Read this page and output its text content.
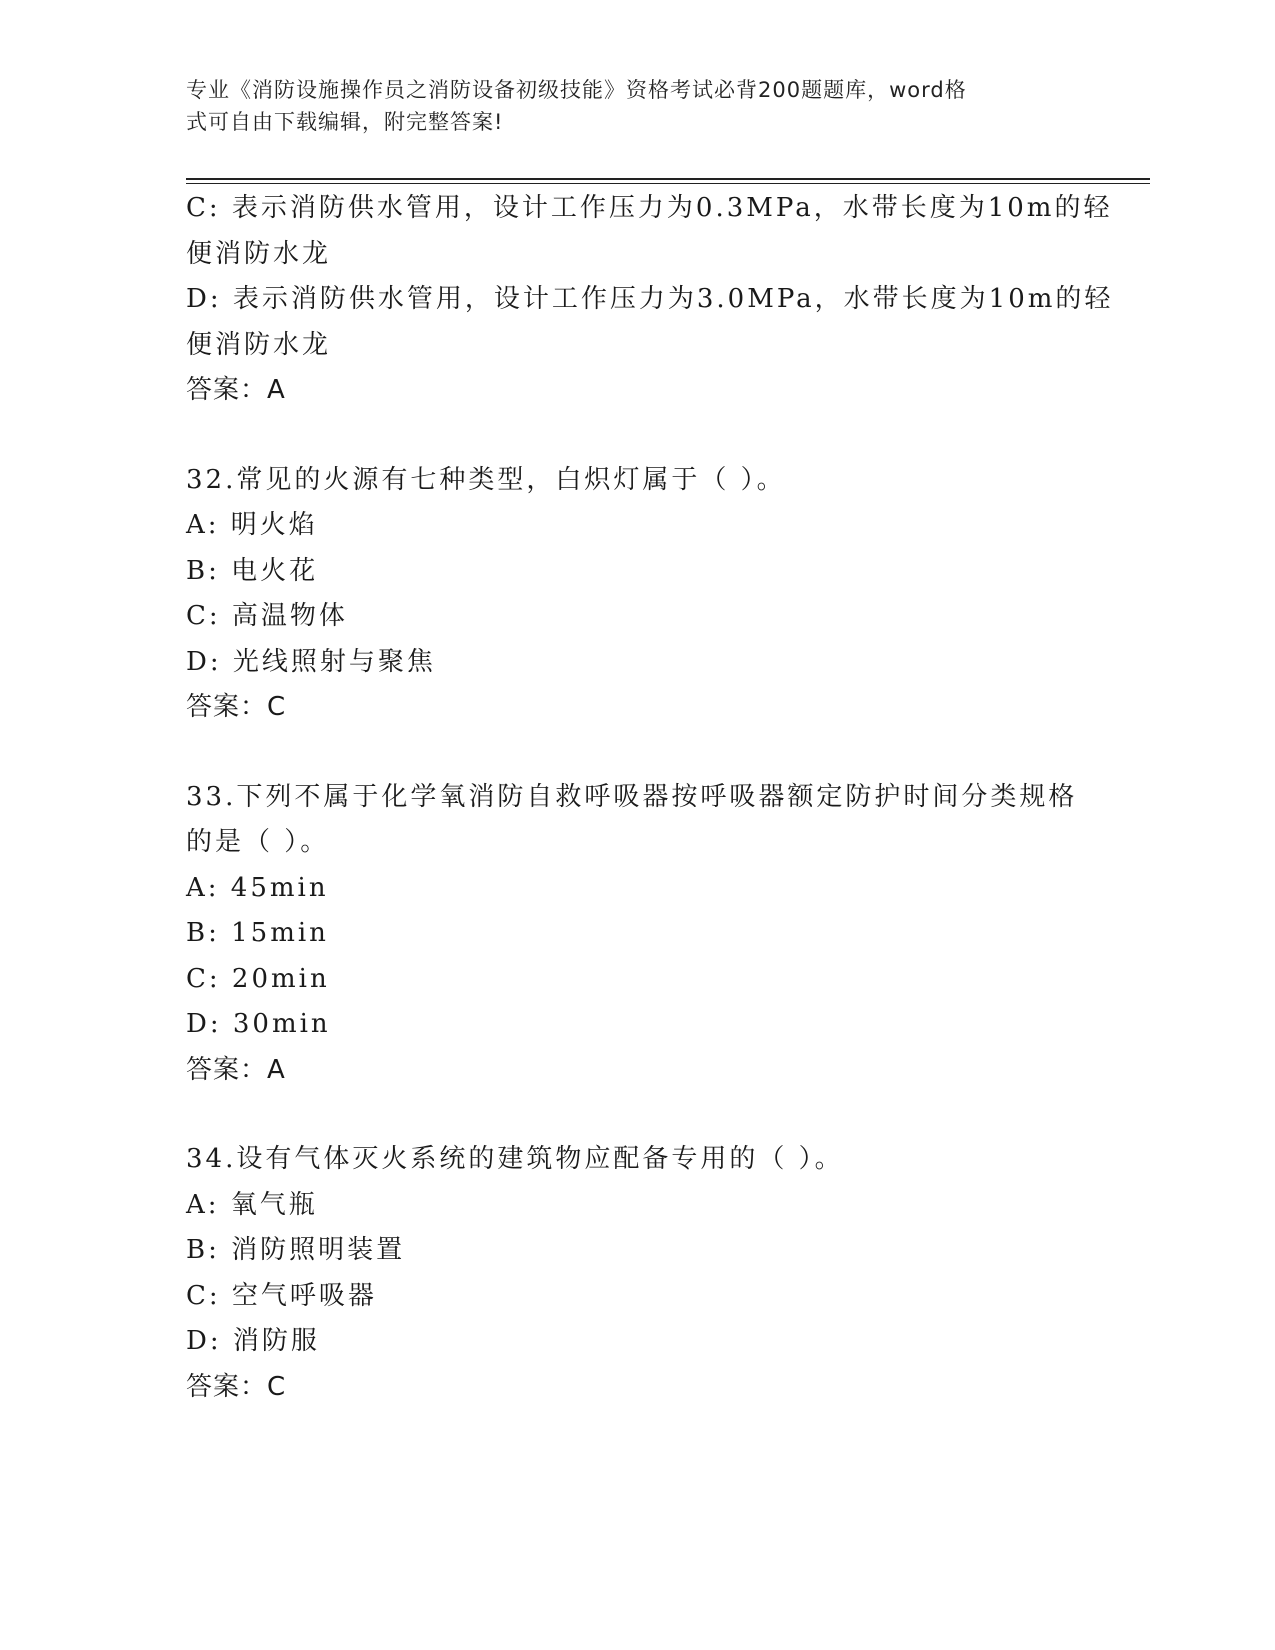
专业《消防设施操作员之消防设备初级技能》资格考试必背200题题库，word格
式可自由下载编辑，附完整答案!
C: 表示消防供水管用，设计工作压力为0.3MPa，水带长度为10m的轻
便消防水龙
D: 表示消防供水管用，设计工作压力为3.0MPa，水带长度为10m的轻
便消防水龙
答案：A
32.常见的火源有七种类型，白炽灯属于（ ）。
A: 明火焰
B: 电火花
C: 高温物体
D: 光线照射与聚焦
答案：C
33.下列不属于化学氧消防自救呼吸器按呼吸器额定防护时间分类规格
的是（ ）。
A: 45min
B: 15min
C: 20min
D: 30min
答案：A
34.设有气体灭火系统的建筑物应配备专用的（ ）。
A: 氧气瓶
B: 消防照明装置
C: 空气呼吸器
D: 消防服
答案：C
